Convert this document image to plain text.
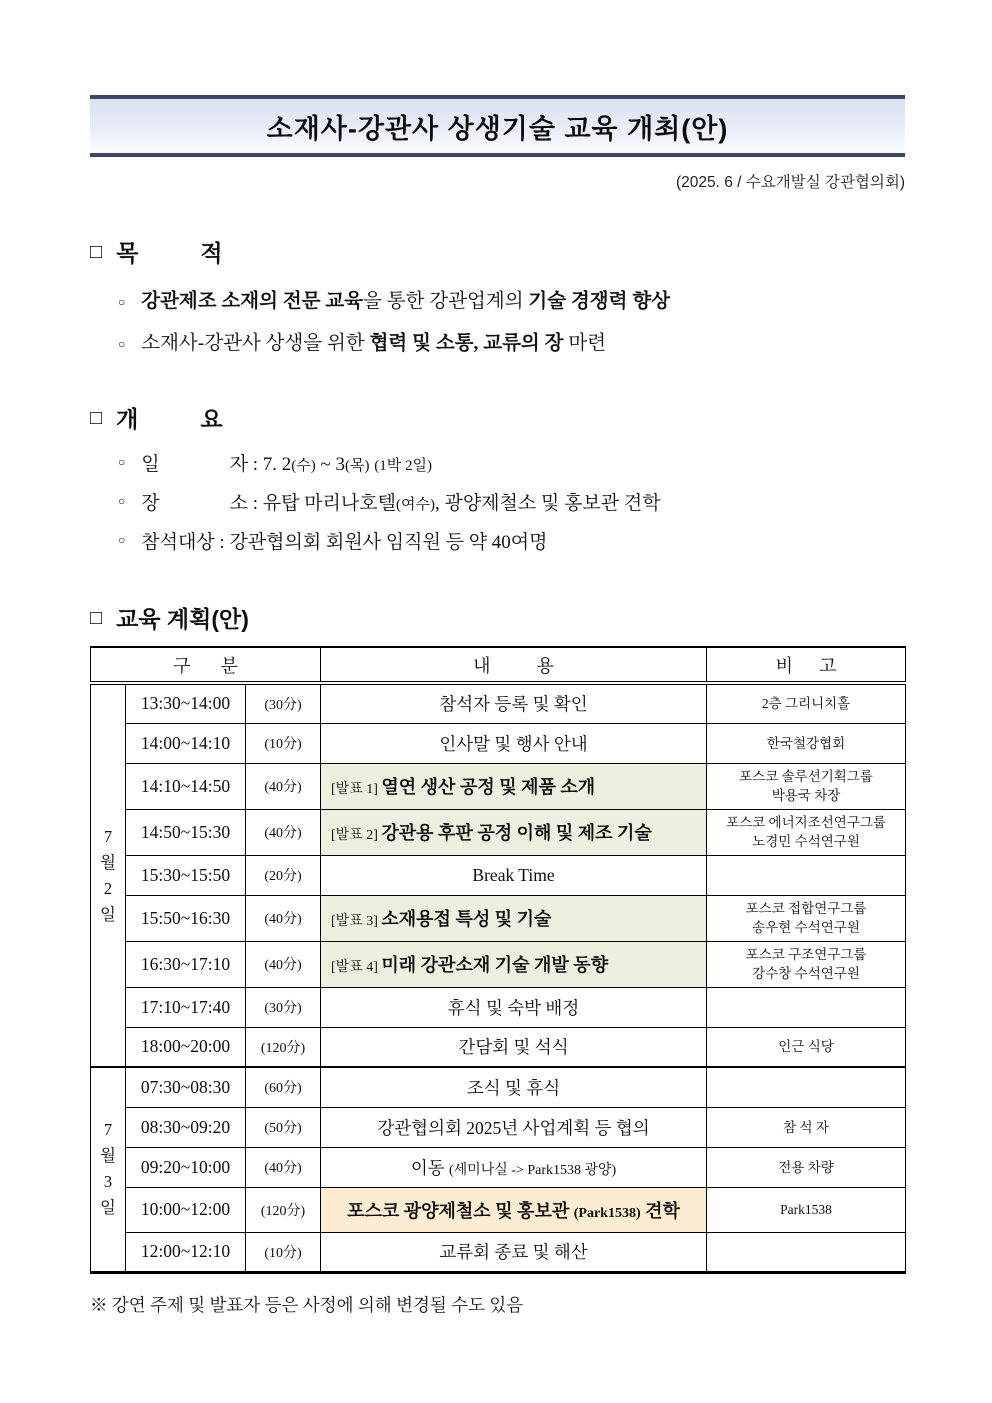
소재사-강관사 상생기술 교육 개최(안)
(2025. 6 / 수요개발실 강관협의회)
□ 목	적
○ 강관제조 소재의 전문 교육을 통한 강관업계의 기술 경쟁력 향상
○ 소재사-강관사 상생을 위한 협력 및 소통, 교류의 장 마련
□ 개	요
○ 일	자 : 7. 2(수) ~ 3(목) (1박 2일)
○ 장	소 : 유탑 마리나호텔(여수), 광양제철소 및 홍보관 견학
○ 참석대상 : 강관협의회 회원사 임직원 등 약 40여명
□ 교육 계획(안)
구 분			내 용	비 고

7
월
2
일	13:30~14:00	(30分)	참석자 등록 및 확인	2층 그리니치홀

	14:00~14:10	(10分)	인사말 및 행사 안내	한국철강협회

	14:10~14:50	(40分)	[발표 1] 열연 생산 공정 및 제품 소개	포스코 솔루션기획그룹
박용국 차장

	14:50~15:30	(40分)	[발표 2] 강관용 후판 공정 이해 및 제조 기술	포스코 에너지조선연구그룹
노경민 수석연구원

	15:30~15:50	(20分)	Break Time	
	15:50~16:30	(40分)	[발표 3] 소재용접 특성 및 기술	포스코 접합연구그룹
송우현 수석연구원

	16:30~17:10	(40分)	[발표 4] 미래 강관소재 기술 개발 동향	포스코 구조연구그룹
강수창 수석연구원

	17:10~17:40	(30分)	휴식 및 숙박 배정	
	18:00~20:00	(120分)	간담회 및 석식	인근 식당

7
월
3
일	07:30~08:30	(60分)	조식 및 휴식	
	08:30~09:20	(50分)	강관협의회 2025년 사업계획 등 협의	참 석 자

	09:20~10:00	(40分)	이동 (세미나실 -> Park1538 광양)	전용 차량

	10:00~12:00	(120分)	포스코 광양제철소 및 홍보관 (Park1538) 견학	Park1538

	12:00~12:10	(10分)	교류회 종료 및 해산	
※ 강연 주제 및 발표자 등은 사정에 의해 변경될 수도 있음
